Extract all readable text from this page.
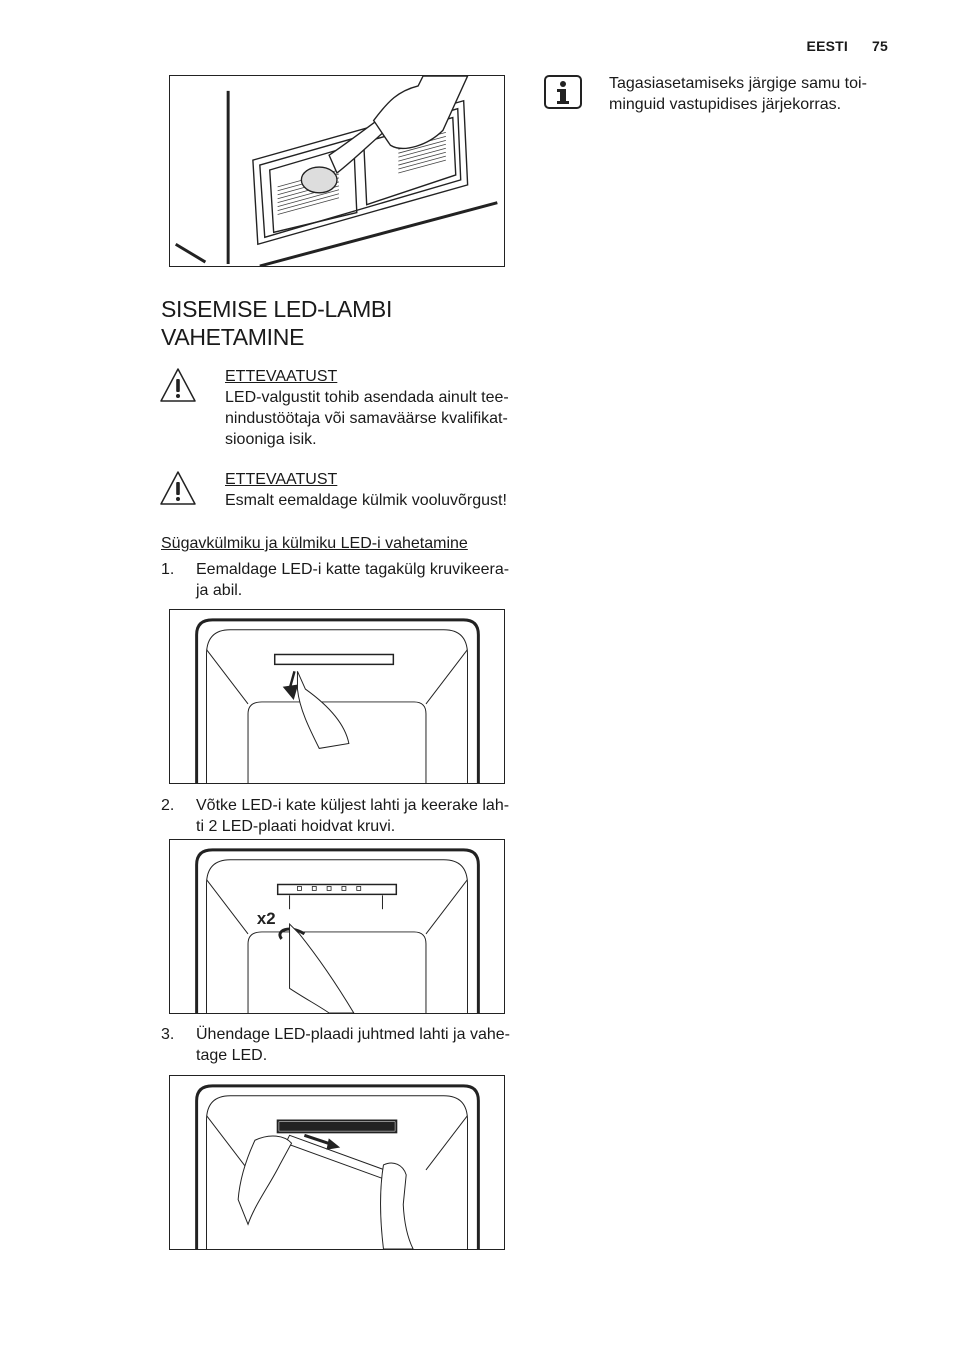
EESTI 75
Tagasiasetamiseks järgige samu toi-
minguid vastupidises järjekorras.
SISEMISE LED-LAMBI
VAHETAMINE
ETTEVAATUST
LED-valgustit tohib asendada ainult tee-
nindustöötaja või samaväärse kvalifikat-
siooniga isik.
ETTEVAATUST
Esmalt eemaldage külmik vooluvõrgust!
Sügavkülmiku ja külmiku LED-i vahetamine
1. Eemaldage LED-i katte tagakülg kruvikeera-
ja abil.
2. Võtke LED-i kate küljest lahti ja keerake lah-
ti 2 LED-plaati hoidvat kruvi.
x2
3. Ühendage LED-plaadi juhtmed lahti ja vahe-
tage LED.
